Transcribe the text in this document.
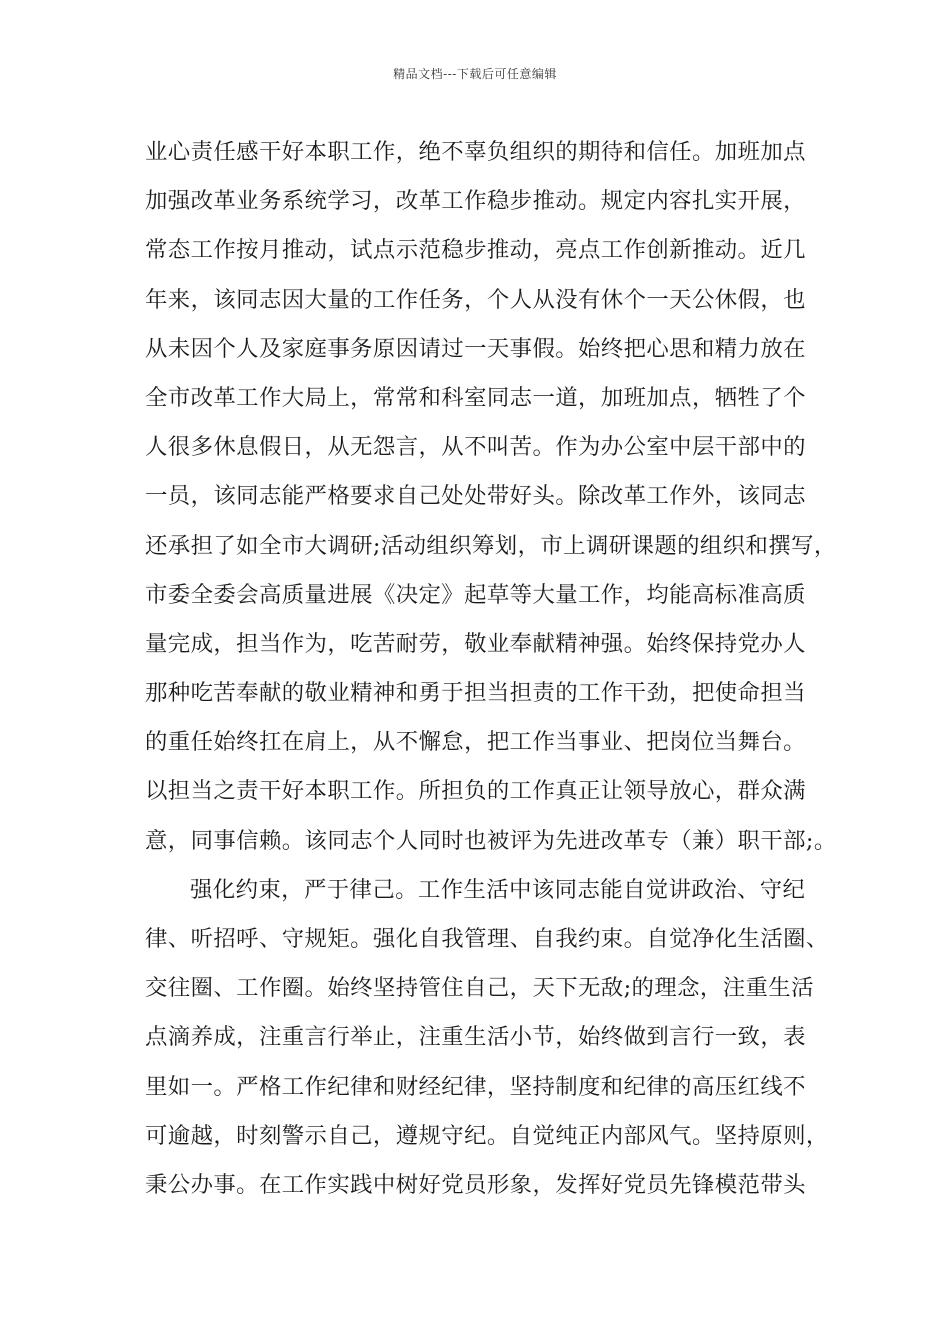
精品文档---下载后可任意编辑
业心责任感干好本职工作，绝不辜负组织的期待和信任。加班加点
加强改革业务系统学习，改革工作稳步推动。规定内容扎实开展，
常态工作按月推动，试点示范稳步推动，亮点工作创新推动。近几
年来，该同志因大量的工作任务，个人从没有休个一天公休假，也
从未因个人及家庭事务原因请过一天事假。始终把心思和精力放在
全市改革工作大局上，常常和科室同志一道，加班加点，牺牲了个
人很多休息假日，从无怨言，从不叫苦。作为办公室中层干部中的
一员，该同志能严格要求自己处处带好头。除改革工作外，该同志
还承担了如全市大调研;活动组织筹划，市上调研课题的组织和撰写，
市委全委会高质量进展《决定》起草等大量工作，均能高标准高质
量完成，担当作为，吃苦耐劳，敬业奉献精神强。始终保持党办人
那种吃苦奉献的敬业精神和勇于担当担责的工作干劲，把使命担当
的重任始终扛在肩上，从不懈怠，把工作当事业、把岗位当舞台。
以担当之责干好本职工作。所担负的工作真正让领导放心，群众满
意，同事信赖。该同志个人同时也被评为先进改革专（兼）职干部;。
强化约束，严于律己。工作生活中该同志能自觉讲政治、守纪
律、听招呼、守规矩。强化自我管理、自我约束。自觉净化生活圈、
交往圈、工作圈。始终坚持管住自己，天下无敌;的理念，注重生活
点滴养成，注重言行举止，注重生活小节，始终做到言行一致，表
里如一。严格工作纪律和财经纪律，坚持制度和纪律的高压红线不
可逾越，时刻警示自己，遵规守纪。自觉纯正内部风气。坚持原则，
秉公办事。在工作实践中树好党员形象，发挥好党员先锋模范带头
